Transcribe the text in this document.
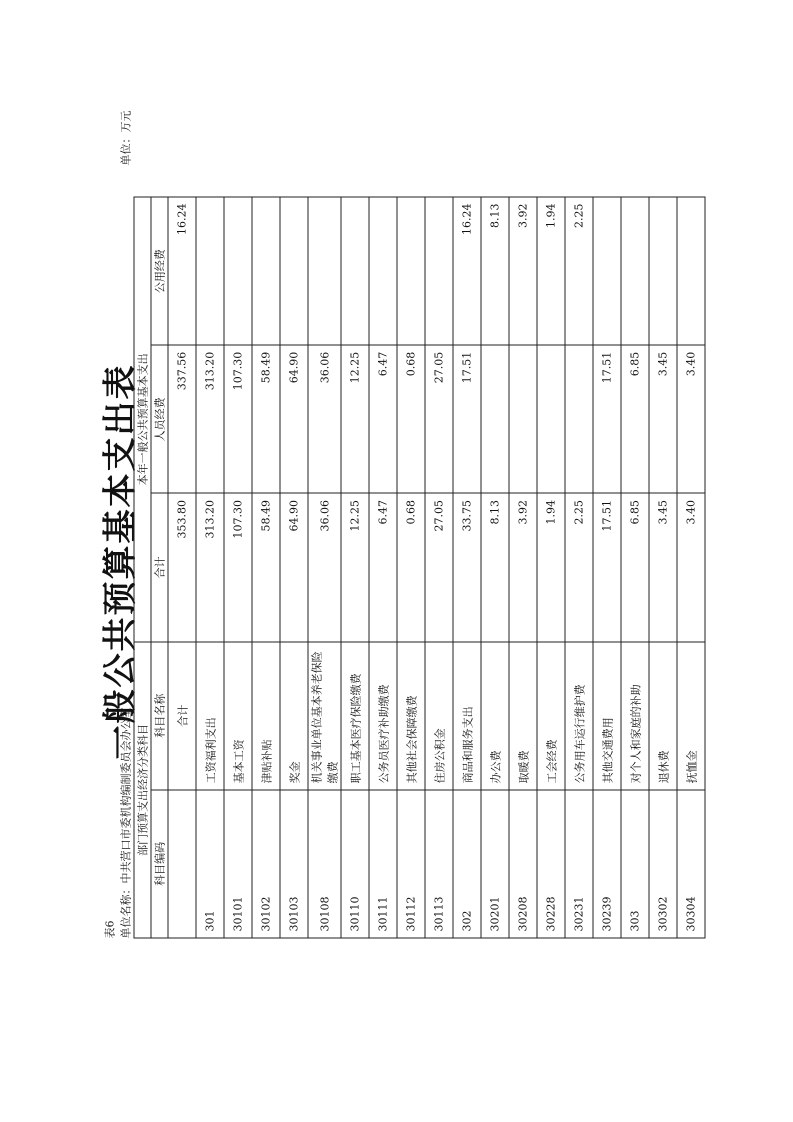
一般公共预算基本支出表
表6 单位名称：中共营口市委机构编制委员会办公室
单位：万元
部门预算支出经济分类科目		本年一般公共预算基本支出		
科目编码	科目名称	合计	人员经费	公用经费
	合计	353.80	337.56	16.24
301	工资福利支出	313.20	313.20	
30101	基本工资	107.30	107.30	
30102	津贴补贴	58.49	58.49	
30103	奖金	64.90	64.90	
30108	机关事业单位基本养老保险缴费	36.06	36.06	
30110	职工基本医疗保险缴费	12.25	12.25	
30111	公务员医疗补助缴费	6.47	6.47	
30112	其他社会保障缴费	0.68	0.68	
30113	住房公积金	27.05	27.05	
302	商品和服务支出	33.75	17.51	16.24
30201	办公费	8.13		8.13
30208	取暖费	3.92		3.92
30228	工会经费	1.94		1.94
30231	公务用车运行维护费	2.25		2.25
30239	其他交通费用	17.51	17.51	
303	对个人和家庭的补助	6.85	6.85	
30302	退休费	3.45	3.45	
30304	抚恤金	3.40	3.40	
